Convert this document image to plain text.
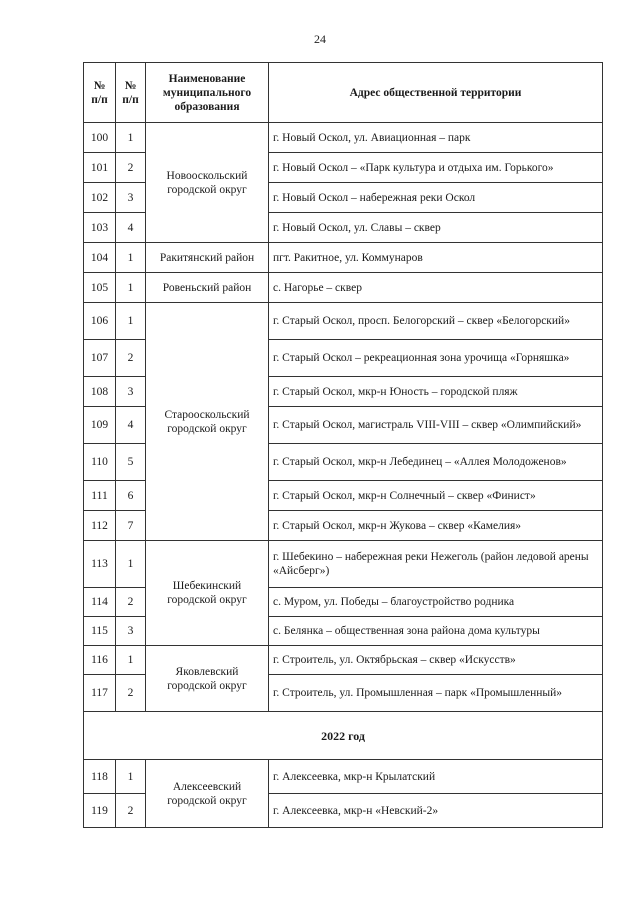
24
№ п/п	№ п/п	Наименование муниципального образования	Адрес общественной территории
100	1	Новооскольский городской округ	г. Новый Оскол, ул. Авиационная – парк
101	2		г. Новый Оскол – «Парк культура и отдыха им. Горького»
102	3		г. Новый Оскол – набережная реки Оскол
103	4		г. Новый Оскол, ул. Славы – сквер
104	1	Ракитянский район	пгт. Ракитное, ул. Коммунаров
105	1	Ровеньский район	с. Нагорье – сквер
106	1	Старооскольский городской округ	г. Старый Оскол, просп. Белогорский – сквер «Белогорский»
107	2		г. Старый Оскол – рекреационная зона урочища «Горняшка»
108	3		г. Старый Оскол, мкр-н Юность – городской пляж
109	4		г. Старый Оскол, магистраль VIII-VIII – сквер «Олимпийский»
110	5		г. Старый Оскол, мкр-н Лебединец – «Аллея Молодоженов»
111	6		г. Старый Оскол, мкр-н Солнечный – сквер «Финист»
112	7		г. Старый Оскол, мкр-н Жукова – сквер «Камелия»
113	1	Шебекинский городской округ	г. Шебекино – набережная реки Нежеголь (район ледовой арены «Айсберг»)
114	2		с. Муром, ул. Победы – благоустройство родника
115	3		с. Белянка – общественная зона района дома культуры
116	1	Яковлевский городской округ	г. Строитель, ул. Октябрьская – сквер «Искусств»
117	2		г. Строитель, ул. Промышленная – парк «Промышленный»
2022 год			
118	1	Алексеевский городской округ	г. Алексеевка, мкр-н Крылатский
119	2		г. Алексеевка, мкр-н «Невский-2»
